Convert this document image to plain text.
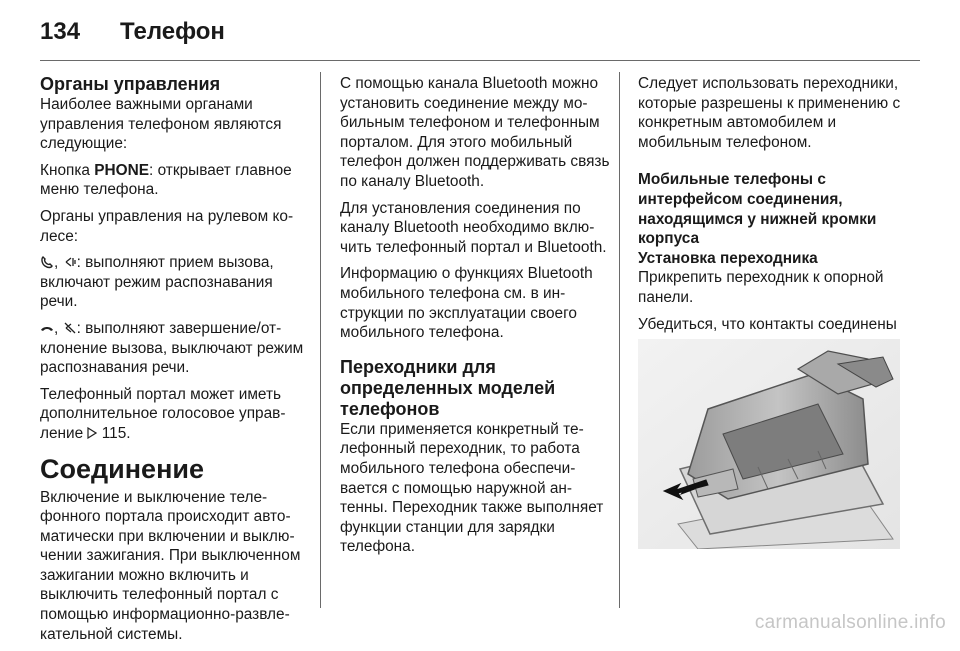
134	Телефон
Органы управления

Наиболее важными органами управления телефоном являются следующие:

Кнопка PHONE: открывает главное меню телефона.

Органы управления на рулевом колесе:

, : выполняют прием вызова, включают режим распознавания речи.

, : выполняют завершение/отклонение вызова, выключают режим распознавания речи.

Телефонный портал может иметь дополнительное голосовое управление  115.

Соединение

Включение и выключение телефонного портала происходит автоматически при включении и выключении зажигания. При выключенном зажигании можно включить и выключить телефонный портал с помощью информационно-развлекательной системы.

С помощью канала Bluetooth можно установить соединение между мобильным телефоном и телефонным порталом. Для этого мобильный телефон должен поддерживать связь по каналу Bluetooth.

Для установления соединения по каналу Bluetooth необходимо включить телефонный портал и Bluetooth.

Информацию о функциях Bluetooth мобильного телефона см. в инструкции по эксплуатации своего мобильного телефона.

Переходники для определенных моделей телефонов

Если применяется конкретный телефонный переходник, то работа мобильного телефона обеспечивается с помощью наружной антенны. Переходник также выполняет функции станции для зарядки телефона.

Следует использовать переходники, которые разрешены к применению с конкретным автомобилем и мобильным телефоном.

Мобильные телефоны с интерфейсом соединения, находящимся у нижней кромки корпуса
Установка переходника

Прикрепить переходник к опорной панели.

Убедиться, что контакты соединены

carmanualsonline.info
